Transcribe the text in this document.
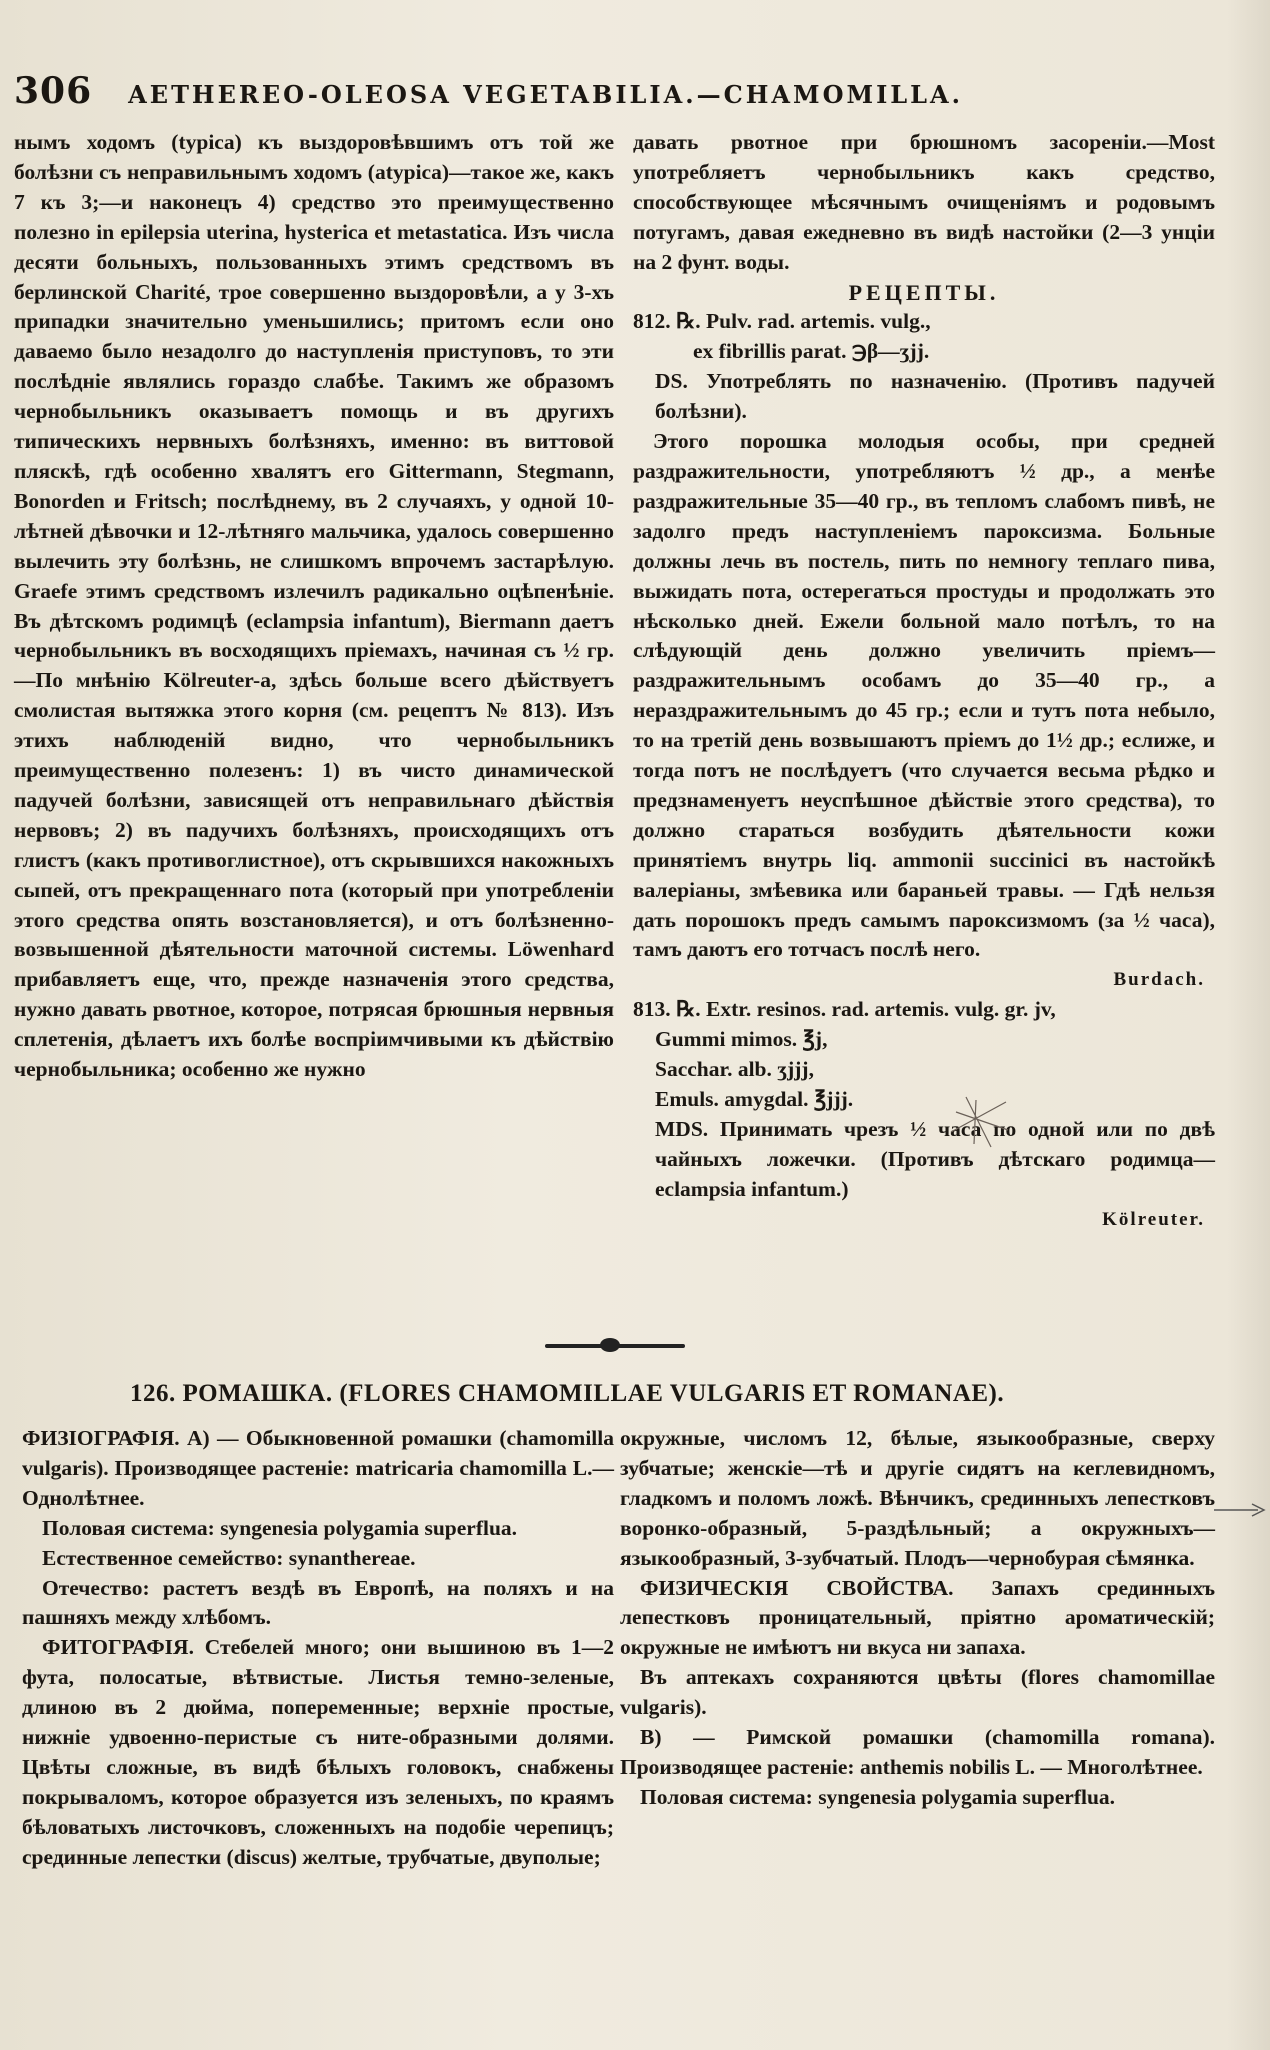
306 AETHEREO-OLEOSA VEGETABILIA.—CHAMOMILLA.

нымъ ходомъ (typica) къ выздоровѣвшимъ отъ той же болѣзни съ неправильнымъ ходомъ (atypica)—такое же, какъ 7 къ 3;—и наконецъ 4) средство это преимущественно полезно in epilepsia uterina, hysterica et metastatica. Изъ числа десяти больныхъ, пользованныхъ этимъ средствомъ въ берлинской Charité, трое совершенно выздоровѣли, а у 3-хъ припадки значительно уменьшились; притомъ если оно даваемо было незадолго до наступленія приступовъ, то эти послѣдніе являлись гораздо слабѣе. Такимъ же образомъ чернобыльникъ оказываетъ помощь и въ другихъ типическихъ нервныхъ болѣзняхъ, именно: въ виттовой пляскѣ, гдѣ особенно хвалятъ его Gittermann, Stegmann, Bonorden и Fritsch; послѣднему, въ 2 случаяхъ, у одной 10-лѣтней дѣвочки и 12-лѣтняго мальчика, удалось совершенно вылечить эту болѣзнь, не слишкомъ впрочемъ застарѣлую. Graefe этимъ средствомъ излечилъ радикально оцѣпенѣніе. Въ дѣтскомъ родимцѣ (eclampsia infantum), Biermann даетъ чернобыльникъ въ восходящихъ пріемахъ, начиная съ ½ гр.—По мнѣнію Kölreuter-а, здѣсь больше всего дѣйствуетъ смолистая вытяжка этого корня (см. рецептъ № 813). Изъ этихъ наблюденій видно, что чернобыльникъ преимущественно полезенъ: 1) въ чисто динамической падучей болѣзни, зависящей отъ неправильнаго дѣйствія нервовъ; 2) въ падучихъ болѣзняхъ, происходящихъ отъ глистъ (какъ противоглистное), отъ скрывшихся накожныхъ сыпей, отъ прекращеннаго пота (который при употребленіи этого средства опять возстановляется), и отъ болѣзненно-возвышенной дѣятельности маточной системы. Löwenhard прибавляетъ еще, что, прежде назначенія этого средства, нужно давать рвотное, которое, потрясая брюшныя нервныя сплетенія, дѣлаетъ ихъ болѣе воспріимчивыми къ дѣйствію чернобыльника; особенно же нужно

давать рвотное при брюшномъ засореніи.—Most употребляетъ чернобыльникъ какъ средство, способствующее мѣсячнымъ очищеніямъ и родовымъ потугамъ, давая ежедневно въ видѣ настойки (2—3 унціи на 2 фунт. воды.

РЕЦЕПТЫ.

812. ℞. Pulv. rad. artemis. vulg.,

ex fibrillis parat. ℈β—ʒjj.

DS. Употреблять по назначенію. (Противъ падучей болѣзни).

Этого порошка молодыя особы, при средней раздражительности, употребляютъ ½ др., а менѣе раздражительные 35—40 гр., въ тепломъ слабомъ пивѣ, не задолго предъ наступленіемъ пароксизма. Больные должны лечь въ постель, пить по немногу теплаго пива, выжидать пота, остерегаться простуды и продолжать это нѣсколько дней. Ежели больной мало потѣлъ, то на слѣдующій день должно увеличить пріемъ—раздражительнымъ особамъ до 35—40 гр., а нераздражительнымъ до 45 гр.; если и тутъ пота небыло, то на третій день возвышаютъ пріемъ до 1½ др.; еслиже, и тогда потъ не послѣдуетъ (что случается весьма рѣдко и предзнаменуетъ неуспѣшное дѣйствіе этого средства), то должно стараться возбудить дѣятельности кожи принятіемъ внутрь liq. ammonii succinici въ настойкѣ валеріаны, змѣевика или бараньей травы. — Гдѣ нельзя дать порошокъ предъ самымъ пароксизмомъ (за ½ часа), тамъ даютъ его тотчасъ послѣ него.

Burdach.

813. ℞. Extr. resinos. rad. artemis. vulg. gr. jv,

Gummi mimos. ℥j,

Sacchar. alb. ʒjjj,

Emuls. amygdal. ℥jjj.

MDS. Принимать чрезъ ½ часа по одной или по двѣ чайныхъ ложечки. (Противъ дѣтскаго родимца—eclampsia infantum.)

Kölreuter.

126. РОМАШКА. (FLORES CHAMOMILLAE VULGARIS ET ROMANAE).

ФИЗІОГРАФІЯ. А) — Обыкновенной ромашки (chamomilla vulgaris). Производящее растеніе: matricaria chamomilla L.—Однолѣтнее.

Половая система: syngenesia polygamia superflua.

Естественное семейство: synanthereae.

Отечество: растетъ вездѣ въ Европѣ, на поляхъ и на пашняхъ между хлѣбомъ.

ФИТОГРАФІЯ. Стебелей много; они вышиною въ 1—2 фута, полосатые, вѣтвистые. Листья темно-зеленые, длиною въ 2 дюйма, попеременные; верхніе простые, нижніе удвоенно-перистые съ ните-образными долями. Цвѣты сложные, въ видѣ бѣлыхъ головокъ, снабжены покрываломъ, которое образуется изъ зеленыхъ, по краямъ бѣловатыхъ листочковъ, сложенныхъ на подобіе черепицъ; срединные лепестки (discus) желтые, трубчатые, двуполые;

окружные, числомъ 12, бѣлые, языкообразные, сверху зубчатые; женскіе—тѣ и другіе сидятъ на кеглевидномъ, гладкомъ и поломъ ложѣ. Вѣнчикъ, срединныхъ лепестковъ воронко-образный, 5-раздѣльный; а окружныхъ—языкообразный, 3-зубчатый. Плодъ—чернобурая сѣмянка.

ФИЗИЧЕСКІЯ СВОЙСТВА. Запахъ срединныхъ лепестковъ проницательный, пріятно ароматическій; окружные не имѣютъ ни вкуса ни запаха.

Въ аптекахъ сохраняются цвѣты (flores chamomillae vulgaris).

В) — Римской ромашки (chamomilla romana). Производящее растеніе: anthemis nobilis L. — Многолѣтнее.

Половая система: syngenesia polygamia superflua.
